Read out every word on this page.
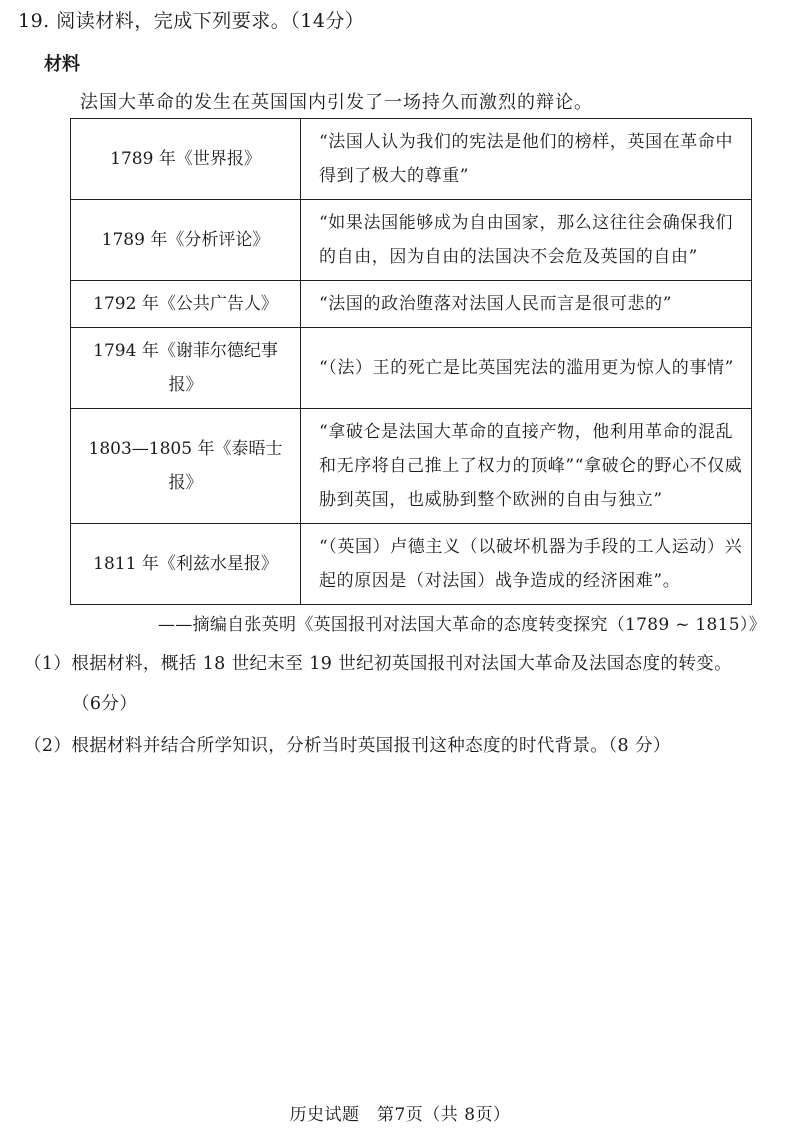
19. 阅读材料，完成下列要求。（14分）
材料
法国大革命的发生在英国国内引发了一场持久而激烈的辩论。
1789 年《世界报》	“法国人认为我们的宪法是他们的榜样，英国在革命中得到了极大的尊重”
1789 年《分析评论》	“如果法国能够成为自由国家，那么这往往会确保我们的自由，因为自由的法国决不会危及英国的自由”
1792 年《公共广告人》	“法国的政治堕落对法国人民而言是很可悲的”
1794 年《谢菲尔德纪事报》	“（法）王的死亡是比英国宪法的滥用更为惊人的事情”
1803—1805 年《泰晤士报》	“拿破仑是法国大革命的直接产物，他利用革命的混乱和无序将自己推上了权力的顶峰”“拿破仑的野心不仅威胁到英国，也威胁到整个欧洲的自由与独立”
1811 年《利兹水星报》	“（英国）卢德主义（以破坏机器为手段的工人运动）兴起的原因是（对法国）战争造成的经济困难”。
——摘编自张英明《英国报刊对法国大革命的态度转变探究（1789 ~ 1815）》
（1）根据材料，概括 18 世纪末至 19 世纪初英国报刊对法国大革命及法国态度的转变。
（6分）
（2）根据材料并结合所学知识，分析当时英国报刊这种态度的时代背景。（8 分）
历史试题　第7页（共 8页）
